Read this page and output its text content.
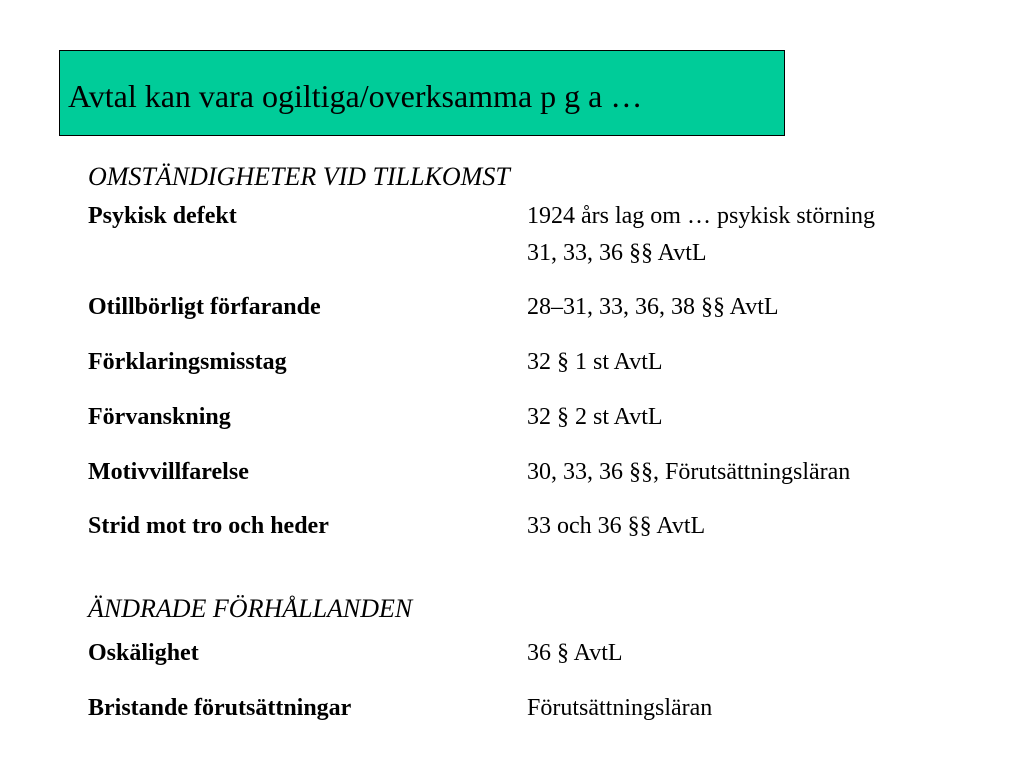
Avtal kan vara ogiltiga/overksamma p g a …
OMSTÄNDIGHETER VID TILLKOMST
Psykisk defekt	1924 års lag om … psykisk störning
31, 33, 36 §§ AvtL
Otillbörligt förfarande	28–31, 33, 36, 38 §§ AvtL
Förklaringsmisstag	32 § 1 st AvtL
Förvanskning	32 § 2 st AvtL
Motivvillfarelse	30, 33, 36 §§, Förutsättningsläran
Strid mot tro och heder	33 och 36 §§ AvtL
ÄNDRADE FÖRHÅLLANDEN
Oskälighet	36 § AvtL
Bristande förutsättningar	Förutsättningsläran
